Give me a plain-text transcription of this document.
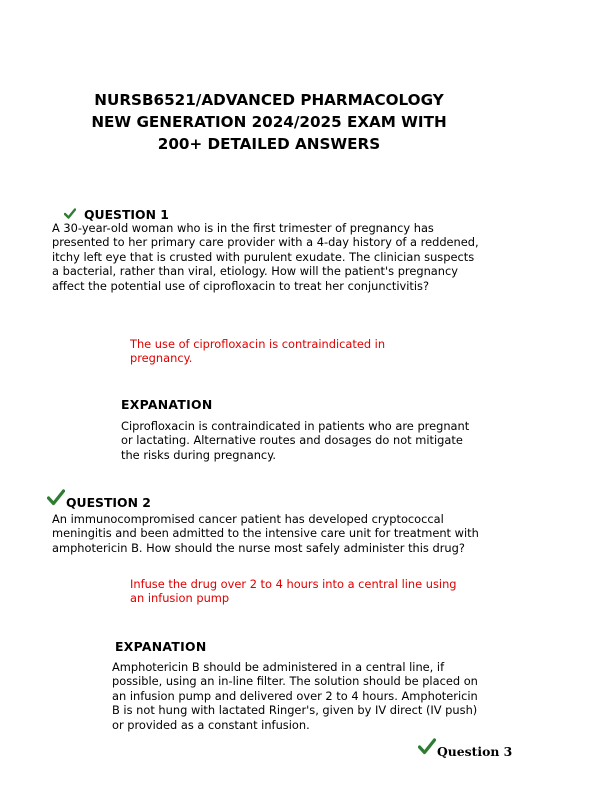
NURSB6521/ADVANCED PHARMACOLOGY
NEW GENERATION 2024/2025 EXAM WITH
200+ DETAILED ANSWERS
QUESTION 1
A 30-year-old woman who is in the first trimester of pregnancy has
presented to her primary care provider with a 4-day history of a reddened,
itchy left eye that is crusted with purulent exudate. The clinician suspects
a bacterial, rather than viral, etiology. How will the patient's pregnancy
affect the potential use of ciprofloxacin to treat her conjunctivitis?
The use of ciprofloxacin is contraindicated in
pregnancy.
EXPANATION
Ciprofloxacin is contraindicated in patients who are pregnant
or lactating. Alternative routes and dosages do not mitigate
the risks during pregnancy.
QUESTION 2
An immunocompromised cancer patient has developed cryptococcal
meningitis and been admitted to the intensive care unit for treatment with
amphotericin B. How should the nurse most safely administer this drug?
Infuse the drug over 2 to 4 hours into a central line using
an infusion pump
EXPANATION
Amphotericin B should be administered in a central line, if
possible, using an in-line filter. The solution should be placed on
an infusion pump and delivered over 2 to 4 hours. Amphotericin
B is not hung with lactated Ringer's, given by IV direct (IV push)
or provided as a constant infusion.
Question 3
